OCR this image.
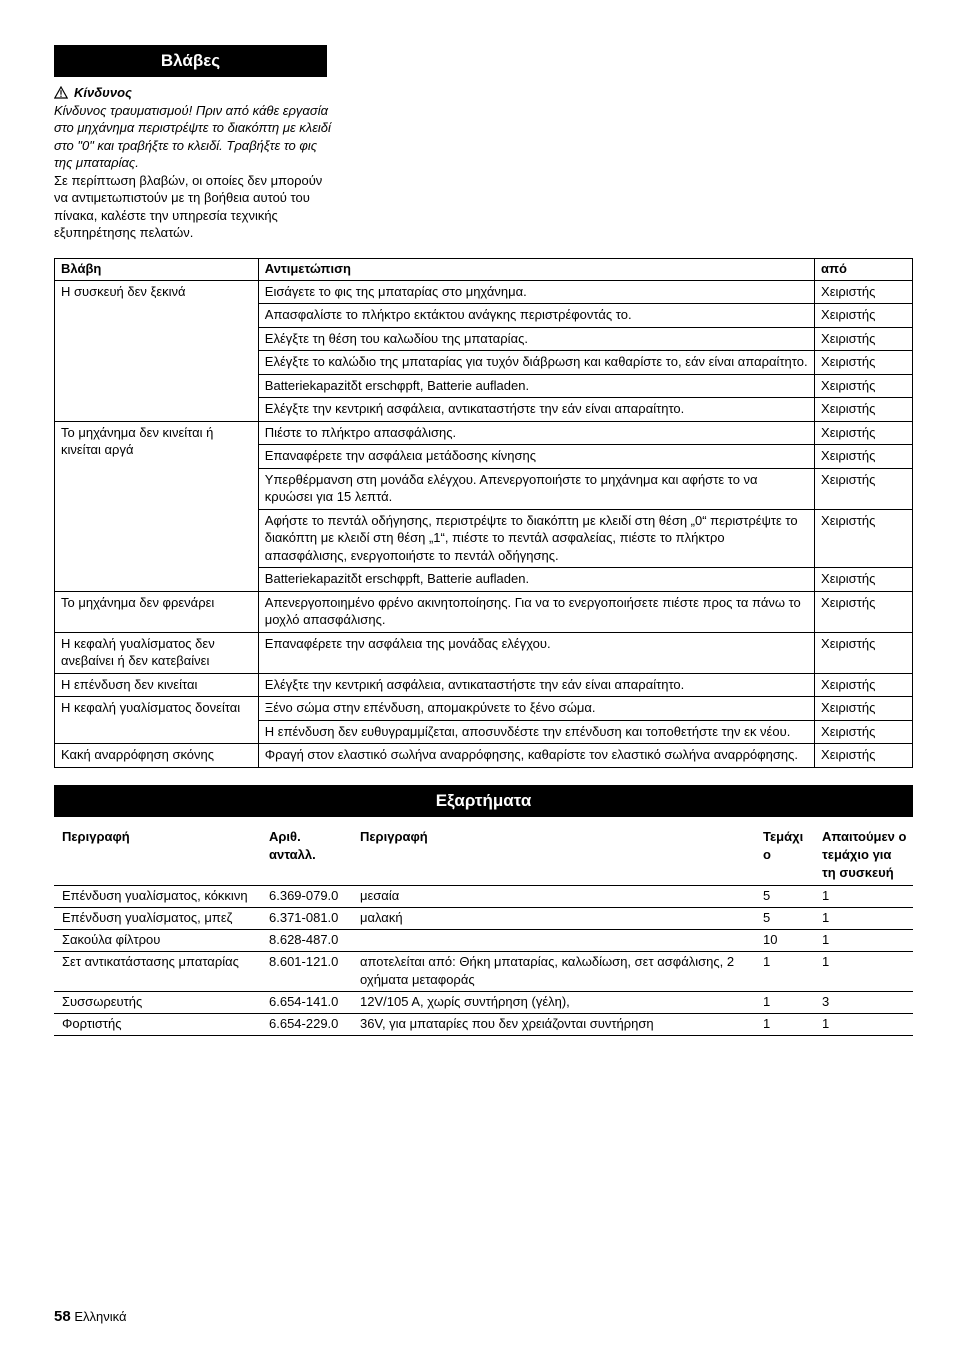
Βλάβες
Κίνδυνος
Κίνδυνος τραυματισμού! Πριν από κάθε εργασία στο μηχάνημα περιστρέψτε το διακόπτη με κλειδί στο "0" και τραβήξτε το κλειδί. Τραβήξτε το φις της μπαταρίας.
Σε περίπτωση βλαβών, οι οποίες δεν μπορούν να αντιμετωπιστούν με τη βοήθεια αυτού του πίνακα, καλέστε την υπηρεσία τεχνικής εξυπηρέτησης πελατών.
Βλάβη	Αντιμετώπιση	από
Η συσκευή δεν ξεκινά	Εισάγετε το φις της μπαταρίας στο μηχάνημα.	Χειριστής
	Απασφαλίστε το πλήκτρο εκτάκτου ανάγκης περιστρέφοντάς το.	Χειριστής
	Ελέγξτε τη θέση του καλωδίου της μπαταρίας.	Χειριστής
	Ελέγξτε το καλώδιο της μπαταρίας για τυχόν διάβρωση και καθαρίστε το, εάν είναι απαραίτητο.	Χειριστής
	Batteriekapazitδt erschφpft, Batterie aufladen.	Χειριστής
	Ελέγξτε την κεντρική ασφάλεια, αντικαταστήστε την εάν είναι απαραίτητο.	Χειριστής
Το μηχάνημα δεν κινείται ή κινείται αργά	Πιέστε το πλήκτρο απασφάλισης.	Χειριστής
	Επαναφέρετε την ασφάλεια μετάδοσης κίνησης	Χειριστής
	Υπερθέρμανση στη μονάδα ελέγχου. Απενεργοποιήστε το μηχάνημα και αφήστε το να κρυώσει για 15 λεπτά.	Χειριστής
	Αφήστε το πεντάλ οδήγησης, περιστρέψτε το διακόπτη με κλειδί στη θέση „0“ περιστρέψτε το διακόπτη με κλειδί στη θέση „1“, πιέστε το πεντάλ ασφαλείας, πιέστε το πλήκτρο απασφάλισης, ενεργοποιήστε το πεντάλ οδήγησης.	Χειριστής
	Batteriekapazitδt erschφpft, Batterie aufladen.	Χειριστής
Το μηχάνημα δεν φρενάρει	Απενεργοποιημένο φρένο ακινητοποίησης. Για να το ενεργοποιήσετε πιέστε προς τα πάνω το μοχλό απασφάλισης.	Χειριστής
Η κεφαλή γυαλίσματος δεν ανεβαίνει ή δεν κατεβαίνει	Επαναφέρετε την ασφάλεια της μονάδας ελέγχου.	Χειριστής
Η επένδυση δεν κινείται	Ελέγξτε την κεντρική ασφάλεια, αντικαταστήστε την εάν είναι απαραίτητο.	Χειριστής
Η κεφαλή γυαλίσματος δονείται	Ξένο σώμα στην επένδυση, απομακρύνετε το ξένο σώμα.	Χειριστής
	Η επένδυση δεν ευθυγραμμίζεται, αποσυνδέστε την επένδυση και τοποθετήστε την εκ νέου.	Χειριστής
Κακή αναρρόφηση σκόνης	Φραγή στον ελαστικό σωλήνα αναρρόφησης, καθαρίστε τον ελαστικό σωλήνα αναρρόφησης.	Χειριστής
Εξαρτήματα
Περιγραφή	Αριθ. ανταλλ.	Περιγραφή	Τεμάχι ο	Απαιτούμεν ο τεμάχιο για τη συσκευή
Επένδυση γυαλίσματος, κόκκινη	6.369-079.0	μεσαία	5	1
Επένδυση γυαλίσματος, μπεζ	6.371-081.0	μαλακή	5	1
Σακούλα φίλτρου	8.628-487.0		10	1
Σετ αντικατάστασης μπαταρίας	8.601-121.0	αποτελείται από: Θήκη μπαταρίας, καλωδίωση, σετ ασφάλισης, 2 οχήματα μεταφοράς	1	1
Συσσωρευτής	6.654-141.0	12V/105 A, χωρίς συντήρηση (γέλη),	1	3
Φορτιστής	6.654-229.0	36V, για μπαταρίες που δεν χρειάζονται συντήρηση	1	1
58 Ελληνικά
